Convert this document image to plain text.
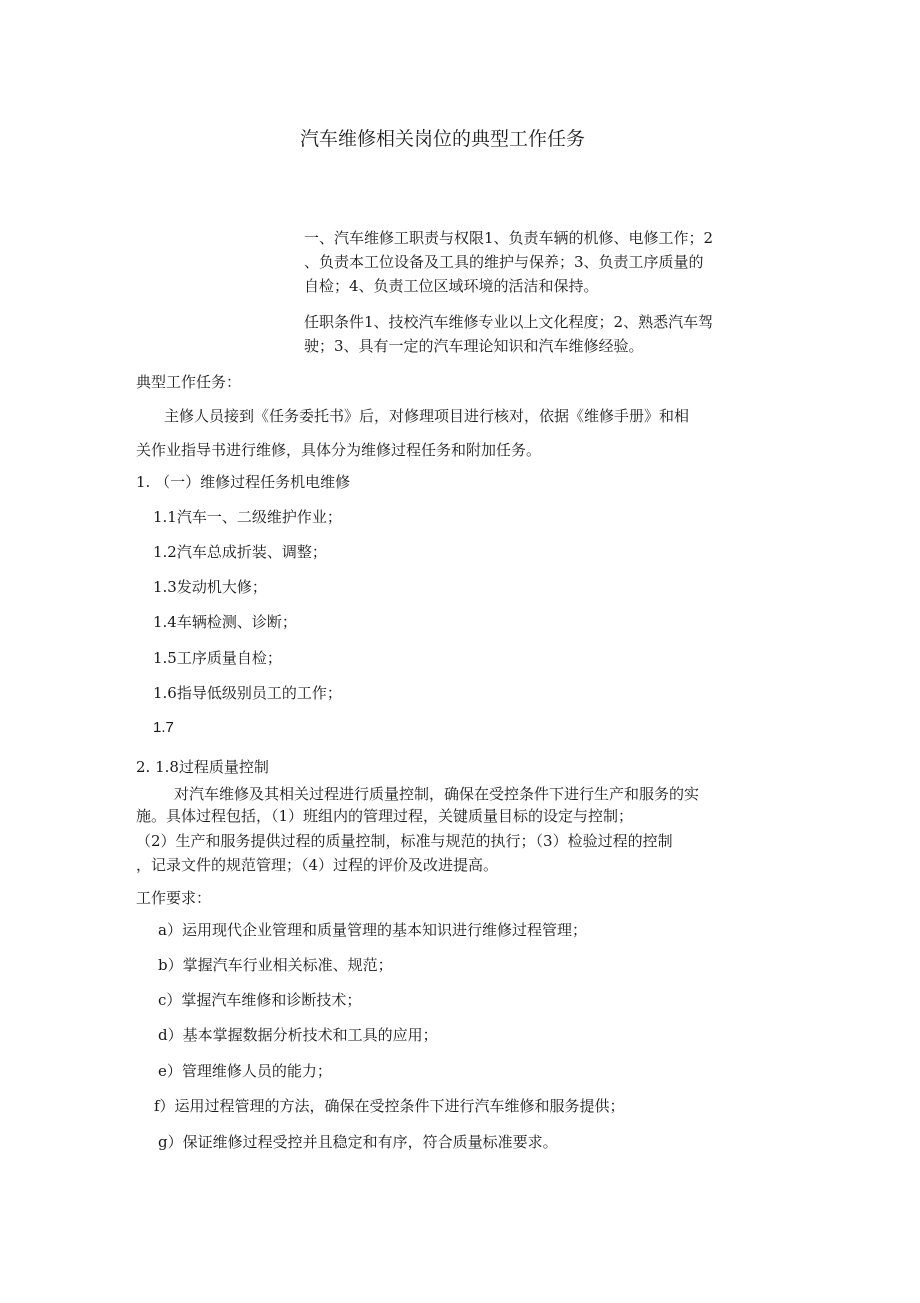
汽车维修相关岗位的典型工作任务
一、汽车维修工职责与权限1、负责车辆的机修、电修工作；2
、负责本工位设备及工具的维护与保养；3、负责工序质量的
自检；4、负责工位区域环境的活洁和保持。
任职条件1、技校汽车维修专业以上文化程度；2、熟悉汽车驾
驶；3、具有一定的汽车理论知识和汽车维修经验。
典型工作任务：
主修人员接到《任务委托书》后，对修理项目进行核对，依据《维修手册》和相
关作业指导书进行维修，具体分为维修过程任务和附加任务。
1. （一）维修过程任务机电维修
1.1汽车一、二级维护作业；
1.2汽车总成折装、调整；
1.3发动机大修；
1.4车辆检测、诊断；
1.5工序质量自检；
1.6指导低级别员工的工作；
1.7
2. 1.8过程质量控制
对汽车维修及其相关过程进行质量控制，确保在受控条件下进行生产和服务的实
施。具体过程包括，（1）班组内的管理过程，关键质量目标的设定与控制；
（2）生产和服务提供过程的质量控制，标准与规范的执行；（3）检验过程的控制
，记录文件的规范管理；（4）过程的评价及改进提高。
工作要求：
a）运用现代企业管理和质量管理的基本知识进行维修过程管理；
b）掌握汽车行业相关标准、规范；
c）掌握汽车维修和诊断技术；
d）基本掌握数据分析技术和工具的应用；
e）管理维修人员的能力；
f）运用过程管理的方法，确保在受控条件下进行汽车维修和服务提供；
g）保证维修过程受控并且稳定和有序，符合质量标准要求。
